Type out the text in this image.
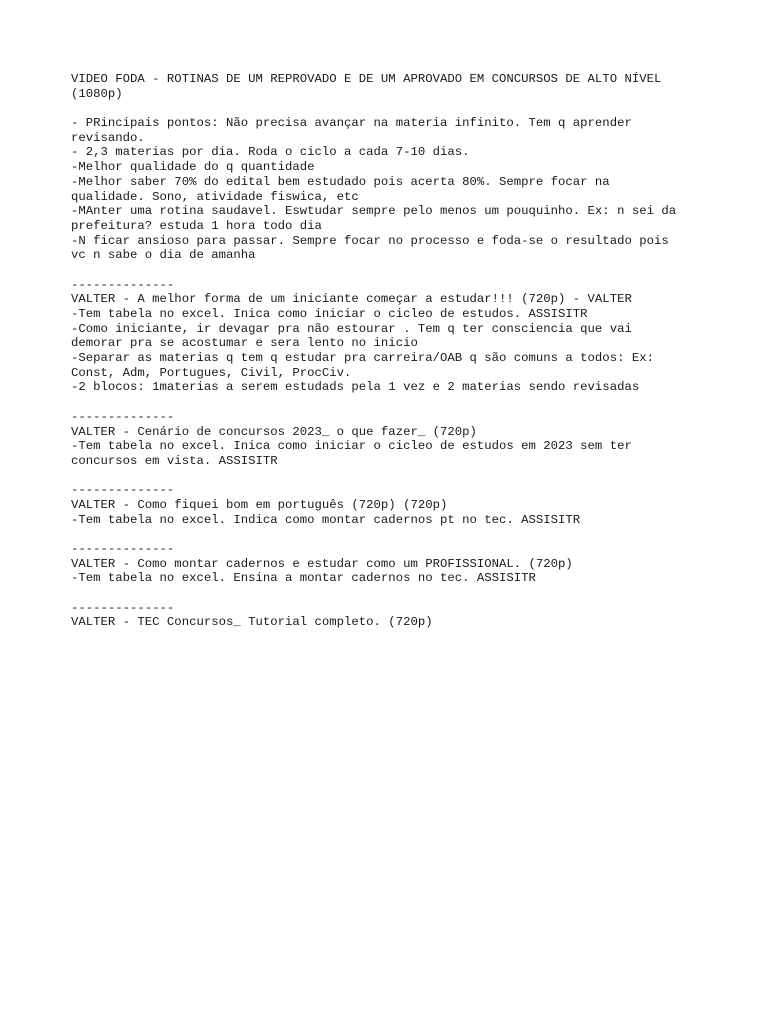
VIDEO FODA - ROTINAS DE UM REPROVADO E DE UM APROVADO EM CONCURSOS DE ALTO NÍVEL
(1080p)
- PRincipais pontos: Não precisa avançar na materia infinito. Tem q aprender
revisando.
- 2,3 materias por dia. Roda o ciclo a cada 7-10 dias.
-Melhor qualidade do q quantidade
-Melhor saber 70% do edital bem estudado pois acerta 80%. Sempre focar na
qualidade. Sono, atividade fiswica, etc
-MAnter uma rotina saudavel. Eswtudar sempre pelo menos um pouquinho. Ex: n sei da
prefeitura? estuda 1 hora todo dia
-N ficar ansioso para passar. Sempre focar no processo e foda-se o resultado pois
vc n sabe o dia de amanha
--------------
VALTER - A melhor forma de um iniciante começar a estudar!!! (720p) - VALTER
-Tem tabela no excel. Inica como iniciar o cicleo de estudos. ASSISITR
-Como iniciante, ir devagar pra não estourar . Tem q ter consciencia que vai
demorar pra se acostumar e sera lento no inicio
-Separar as materias q tem q estudar pra carreira/OAB q são comuns a todos: Ex:
Const, Adm, Portugues, Civil, ProcCiv.
-2 blocos: 1materias a serem estudads pela 1 vez e 2 materias sendo revisadas
--------------
VALTER - Cenário de concursos 2023_ o que fazer_ (720p)
-Tem tabela no excel. Inica como iniciar o cicleo de estudos em 2023 sem ter
concursos em vista. ASSISITR
--------------
VALTER - Como fiquei bom em português (720p) (720p)
-Tem tabela no excel. Indica como montar cadernos pt no tec. ASSISITR
--------------
VALTER - Como montar cadernos e estudar como um PROFISSIONAL. (720p)
-Tem tabela no excel. Ensina a montar cadernos no tec. ASSISITR
--------------
VALTER - TEC Concursos_ Tutorial completo. (720p)
